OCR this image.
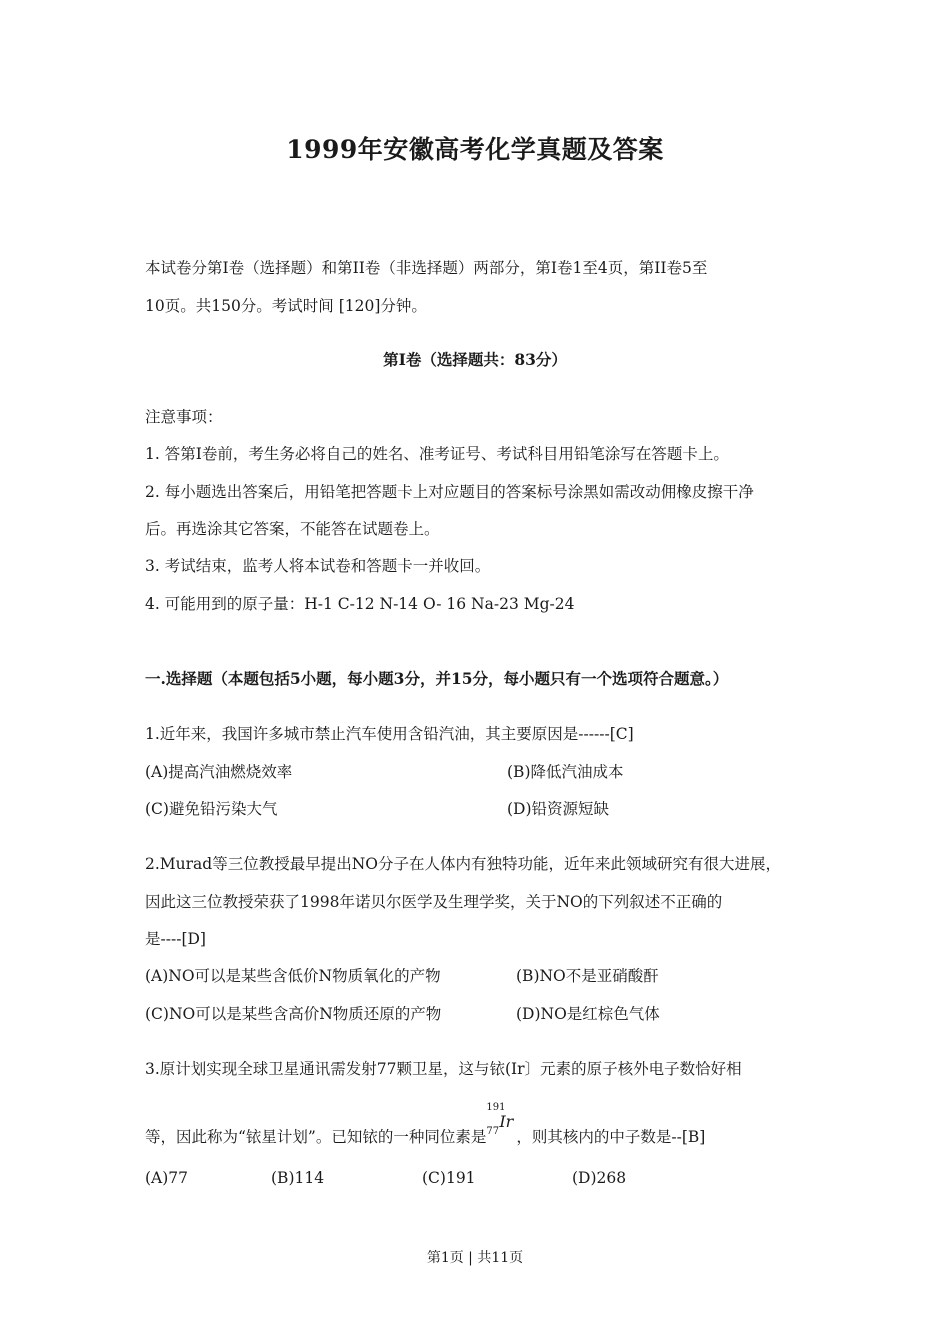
1999年安徽高考化学真题及答案
本试卷分第Ⅰ卷（选择题）和第II卷（非选择题）两部分，第Ⅰ卷1至4页，第II卷5至
10页。共150分。考试时间 [120]分钟。
第Ⅰ卷（选择题共：83分）
注意事项：
1. 答第Ⅰ卷前，考生务必将自己的姓名、准考证号、考试科目用铅笔涂写在答题卡上。
2. 每小题选出答案后，用铅笔把答题卡上对应题目的答案标号涂黑如需改动佣橡皮擦干净
后。再选涂其它答案，不能答在试题卷上。
3. 考试结束，监考人将本试卷和答题卡一并收回。
4. 可能用到的原子量：H-1 C-12 N-14 O- 16 Na-23 Mg-24
一.选择题（本题包括5小题，每小题3分，并15分，每小题只有一个选项符合题意。）
1.近年来，我国许多城市禁止汽车使用含铅汽油，其主要原因是------[C]
(A)提高汽油燃烧效率	(B)降低汽油成本
(C)避免铅污染大气	(D)铅资源短缺
2.Murad等三位教授最早提出NO分子在人体内有独特功能，近年来此领域研究有很大进展，
因此这三位教授荣获了1998年诺贝尔医学及生理学奖，关于NO的下列叙述不正确的
是----[D]
(A)NO可以是某些含低价N物质氧化的产物	(B)NO不是亚硝酸酐
(C)NO可以是某些含高价N物质还原的产物	(D)NO是红棕色气体
3.原计划实现全球卫星通讯需发射77颗卫星，这与铱(Ir〕元素的原子核外电子数恰好相
等，因此称为“铱星计划”。已知铱的一种同位素是
191
77
Ir
，则其核内的中子数是--[B]
(A)77	(B)114	(C)191	(D)268
第1页 | 共11页
